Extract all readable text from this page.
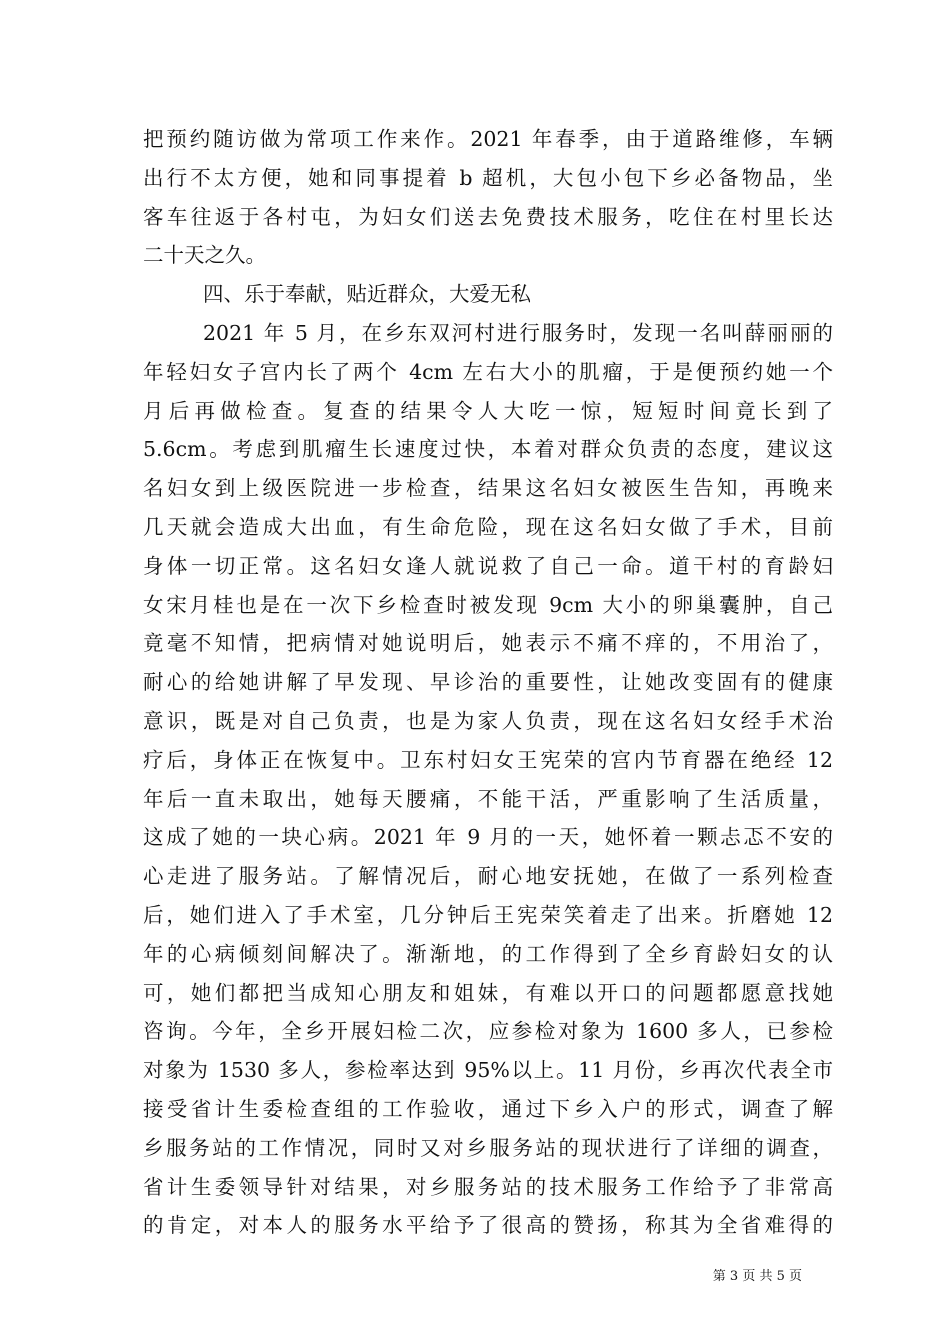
把预约随访做为常项工作来作。2021 年春季，由于道路维修，车辆
出行不太方便，她和同事提着 b 超机，大包小包下乡必备物品，坐
客车往返于各村屯，为妇女们送去免费技术服务，吃住在村里长达
二十天之久。
四、乐于奉献，贴近群众，大爱无私
2021 年 5 月，在乡东双河村进行服务时，发现一名叫薛丽丽的
年轻妇女子宫内长了两个 4cm 左右大小的肌瘤，于是便预约她一个
月后再做检查。复查的结果令人大吃一惊，短短时间竟长到了
5.6cm。考虑到肌瘤生长速度过快，本着对群众负责的态度，建议这
名妇女到上级医院进一步检查，结果这名妇女被医生告知，再晚来
几天就会造成大出血，有生命危险，现在这名妇女做了手术，目前
身体一切正常。这名妇女逢人就说救了自己一命。道干村的育龄妇
女宋月桂也是在一次下乡检查时被发现 9cm 大小的卵巢囊肿，自己
竟毫不知情，把病情对她说明后，她表示不痛不痒的，不用治了，
耐心的给她讲解了早发现、早诊治的重要性，让她改变固有的健康
意识，既是对自己负责，也是为家人负责，现在这名妇女经手术治
疗后，身体正在恢复中。卫东村妇女王宪荣的宫内节育器在绝经 12
年后一直未取出，她每天腰痛，不能干活，严重影响了生活质量，
这成了她的一块心病。2021 年 9 月的一天，她怀着一颗忐忑不安的
心走进了服务站。了解情况后，耐心地安抚她，在做了一系列检查
后，她们进入了手术室，几分钟后王宪荣笑着走了出来。折磨她 12
年的心病倾刻间解决了。渐渐地，的工作得到了全乡育龄妇女的认
可，她们都把当成知心朋友和姐妹，有难以开口的问题都愿意找她
咨询。今年，全乡开展妇检二次，应参检对象为 1600 多人，已参检
对象为 1530 多人，参检率达到 95%以上。11 月份，乡再次代表全市
接受省计生委检查组的工作验收，通过下乡入户的形式，调查了解
乡服务站的工作情况，同时又对乡服务站的现状进行了详细的调查，
省计生委领导针对结果，对乡服务站的技术服务工作给予了非常高
的肯定，对本人的服务水平给予了很高的赞扬，称其为全省难得的
第 3 页 共 5 页
